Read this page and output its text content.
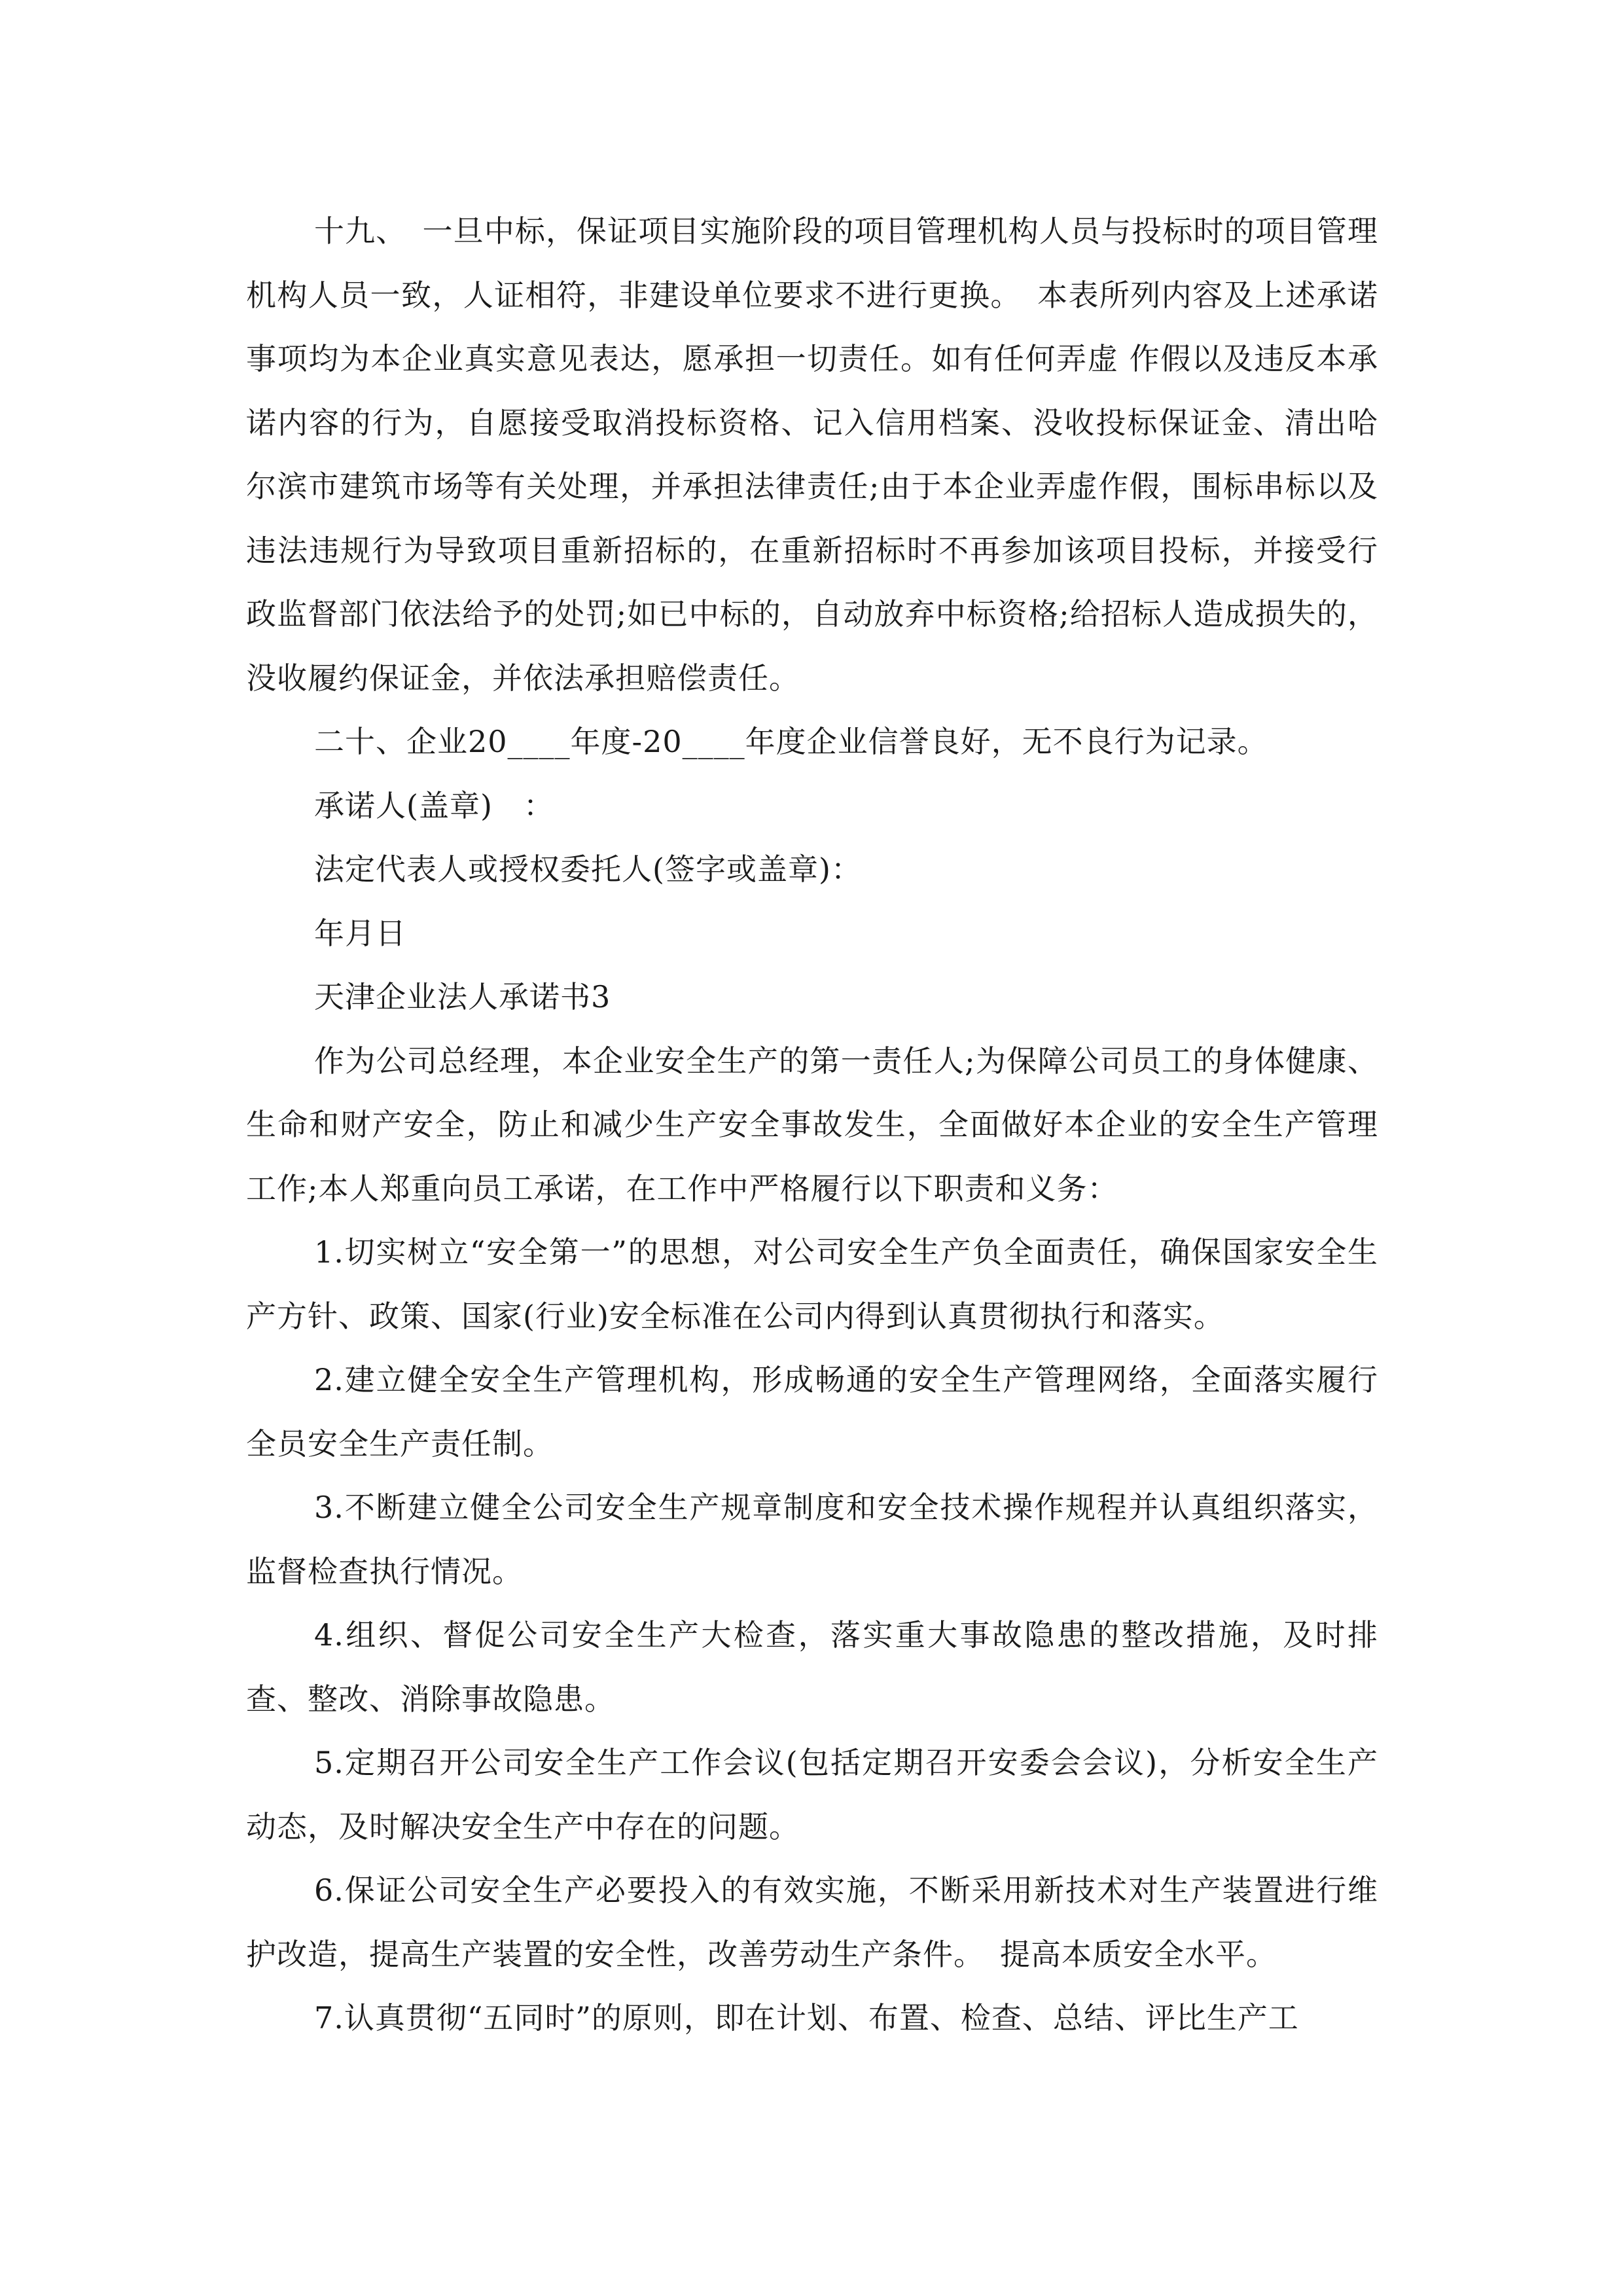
十九、　一旦中标，保证项目实施阶段的项目管理机构人员与投标时的项目管理机构人员一致，人证相符，非建设单位要求不进行更换。　本表所列内容及上述承诺事项均为本企业真实意见表达，愿承担一切责任。如有任何弄虚 作假以及违反本承诺内容的行为，自愿接受取消投标资格、记入信用档案、没收投标保证金、清出哈尔滨市建筑市场等有关处理，并承担法律责任;由于本企业弄虚作假，围标串标以及违法违规行为导致项目重新招标的，在重新招标时不再参加该项目投标，并接受行政监督部门依法给予的处罚;如已中标的，自动放弃中标资格;给招标人造成损失的，没收履约保证金，并依法承担赔偿责任。

二十、企业20____年度-20____年度企业信誉良好，无不良行为记录。

承诺人(盖章)　：

法定代表人或授权委托人(签字或盖章)：

年月日

天津企业法人承诺书3

作为公司总经理，本企业安全生产的第一责任人;为保障公司员工的身体健康、生命和财产安全，防止和减少生产安全事故发生，全面做好本企业的安全生产管理工作;本人郑重向员工承诺，在工作中严格履行以下职责和义务：

1.切实树立“安全第一”的思想，对公司安全生产负全面责任，确保国家安全生产方针、政策、国家(行业)安全标准在公司内得到认真贯彻执行和落实。

2.建立健全安全生产管理机构，形成畅通的安全生产管理网络，全面落实履行全员安全生产责任制。

3.不断建立健全公司安全生产规章制度和安全技术操作规程并认真组织落实，监督检查执行情况。

4.组织、督促公司安全生产大检查，落实重大事故隐患的整改措施，及时排查、整改、消除事故隐患。

5.定期召开公司安全生产工作会议(包括定期召开安委会会议)，分析安全生产动态，及时解决安全生产中存在的问题。

6.保证公司安全生产必要投入的有效实施，不断采用新技术对生产装置进行维护改造，提高生产装置的安全性，改善劳动生产条件。　提高本质安全水平。

7.认真贯彻“五同时”的原则，即在计划、布置、检查、总结、评比生产工
